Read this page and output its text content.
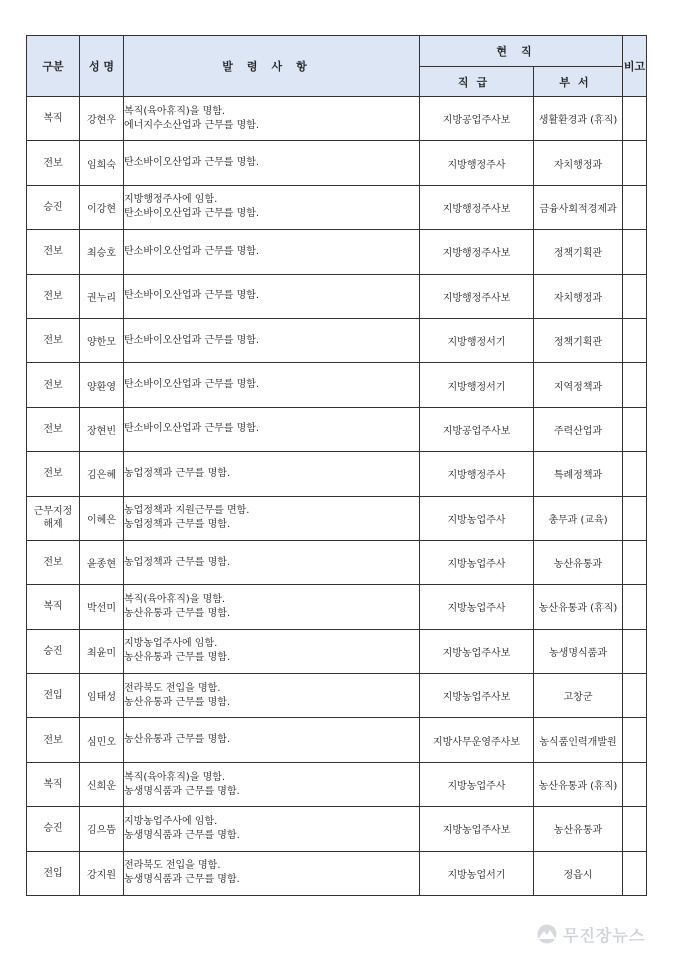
구분	성 명	발령사항	현직		비고
			직급	부서	

복직	강현우	복직(육아휴직)을 명함.
에너지수소산업과 근무를 명함.	지방공업주사보	생활환경과 (휴직)	

전보	임희숙	탄소바이오산업과 근무를 명함.	지방행정주사	자치행정과	

승진	이강현	지방행정주사에 임함.
탄소바이오산업과 근무를 명함.	지방행정주사보	금융사회적경제과	

전보	최승호	탄소바이오산업과 근무를 명함.	지방행정주사보	정책기획관	

전보	권누리	탄소바이오산업과 근무를 명함.	지방행정주사보	자치행정과	

전보	양한모	탄소바이오산업과 근무를 명함.	지방행정서기	정책기획관	

전보	양환영	탄소바이오산업과 근무를 명함.	지방행정서기	지역정책과	

전보	장현빈	탄소바이오산업과 근무를 명함.	지방공업주사보	주력산업과	

전보	김은혜	농업정책과 근무를 명함.	지방행정주사	특례정책과	

근무지정
해제	이혜은	농업정책과 지원근무를 면함.
농업정책과 근무를 명함.	지방농업주사	총무과 (교육)	

전보	윤종현	농업정책과 근무를 명함.	지방농업주사	농산유통과	

복직	박선미	복직(육아휴직)을 명함.
농산유통과 근무를 명함.	지방농업주사	농산유통과 (휴직)	

승진	최윤미	지방농업주사에 임함.
농산유통과 근무를 명함.	지방농업주사보	농생명식품과	

전입	임태성	전라북도 전입을 명함.
농산유통과 근무를 명함.	지방농업주사보	고창군	

전보	심민오	농산유통과 근무를 명함.	지방사무운영주사보	농식품인력개발원	

복직	신희운	복직(육아휴직)을 명함.
농생명식품과 근무를 명함.	지방농업주사	농산유통과 (휴직)	

승진	김으뜸	지방농업주사에 임함.
농생명식품과 근무를 명함.	지방농업주사보	농산유통과	

전입	강지원	전라북도 전입을 명함.
농생명식품과 근무를 명함.	지방농업서기	정읍시	
무진장뉴스
